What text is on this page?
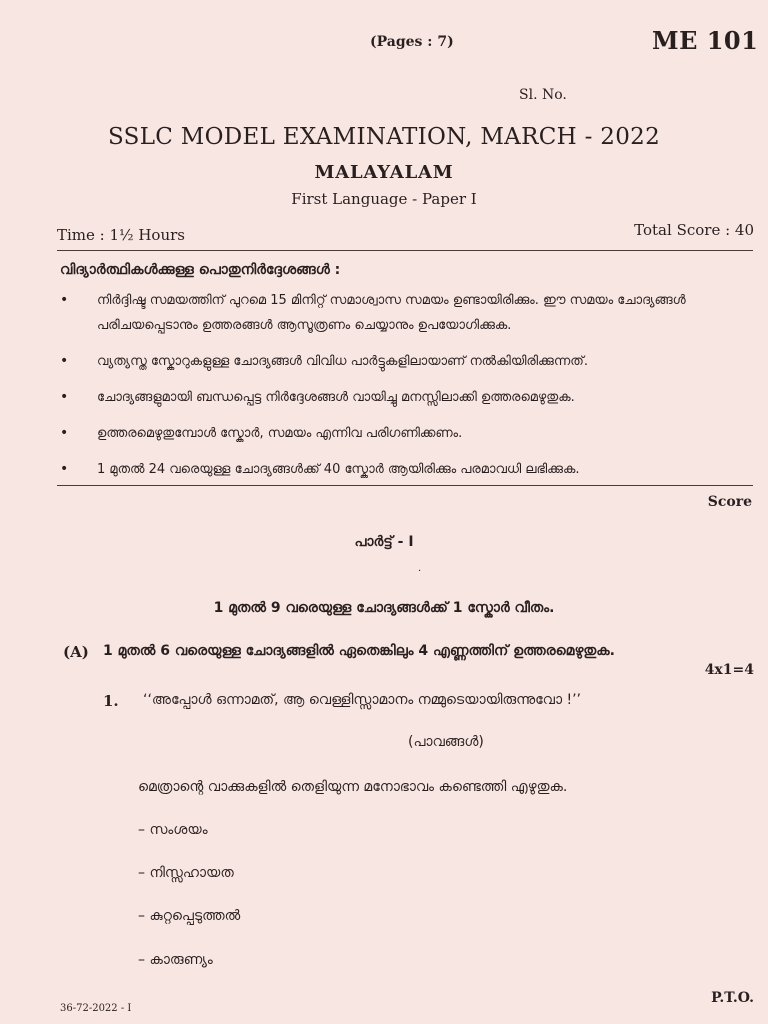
(Pages : 7)	ME 101
Sl. No.
SSLC MODEL EXAMINATION, MARCH - 2022
MALAYALAM
First Language - Paper I
Time : 1½ Hours	Total Score : 40
വിദ്യാർത്ഥികൾക്കുള്ള പൊതുനിർദ്ദേശങ്ങൾ :
• നിർദ്ദിഷ്ട സമയത്തിന് പുറമെ 15 മിനിറ്റ് സമാശ്വാസ സമയം ഉണ്ടായിരിക്കും. ഈ സമയം ചോദ്യങ്ങൾ പരിചയപ്പെടാനും ഉത്തരങ്ങൾ ആസൂത്രണം ചെയ്യാനും ഉപയോഗിക്കുക.
• വ്യത്യസ്ത സ്കോറുകളുള്ള ചോദ്യങ്ങൾ വിവിധ പാർട്ടുകളിലായാണ് നൽകിയിരിക്കുന്നത്.
• ചോദ്യങ്ങളുമായി ബന്ധപ്പെട്ട നിർദ്ദേശങ്ങൾ വായിച്ചു മനസ്സിലാക്കി ഉത്തരമെഴുതുക.
• ഉത്തരമെഴുതുമ്പോൾ സ്കോർ, സമയം എന്നിവ പരിഗണിക്കണം.
• 1 മുതൽ 24 വരെയുള്ള ചോദ്യങ്ങൾക്ക് 40 സ്കോർ ആയിരിക്കും പരമാവധി ലഭിക്കുക.
Score
പാർട്ട് - I
·
1 മുതൽ 9 വരെയുള്ള ചോദ്യങ്ങൾക്ക് 1 സ്കോർ വീതം.
(A) 1 മുതൽ 6 വരെയുള്ള ചോദ്യങ്ങളിൽ ഏതെങ്കിലും 4 എണ്ണത്തിന് ഉത്തരമെഴുതുക.
4x1=4
1. ‘‘അപ്പോൾ ഒന്നാമത്, ആ വെള്ളിസ്സാമാനം നമ്മുടെയായിരുന്നുവോ !’’
(പാവങ്ങൾ)
മെത്രാന്റെ വാക്കുകളിൽ തെളിയുന്ന മനോഭാവം കണ്ടെത്തി എഴുതുക.
– സംശയം
– നിസ്സഹായത
– കുറ്റപ്പെടുത്തൽ
– കാരുണ്യം
36-72-2022 - I
P.T.O.
